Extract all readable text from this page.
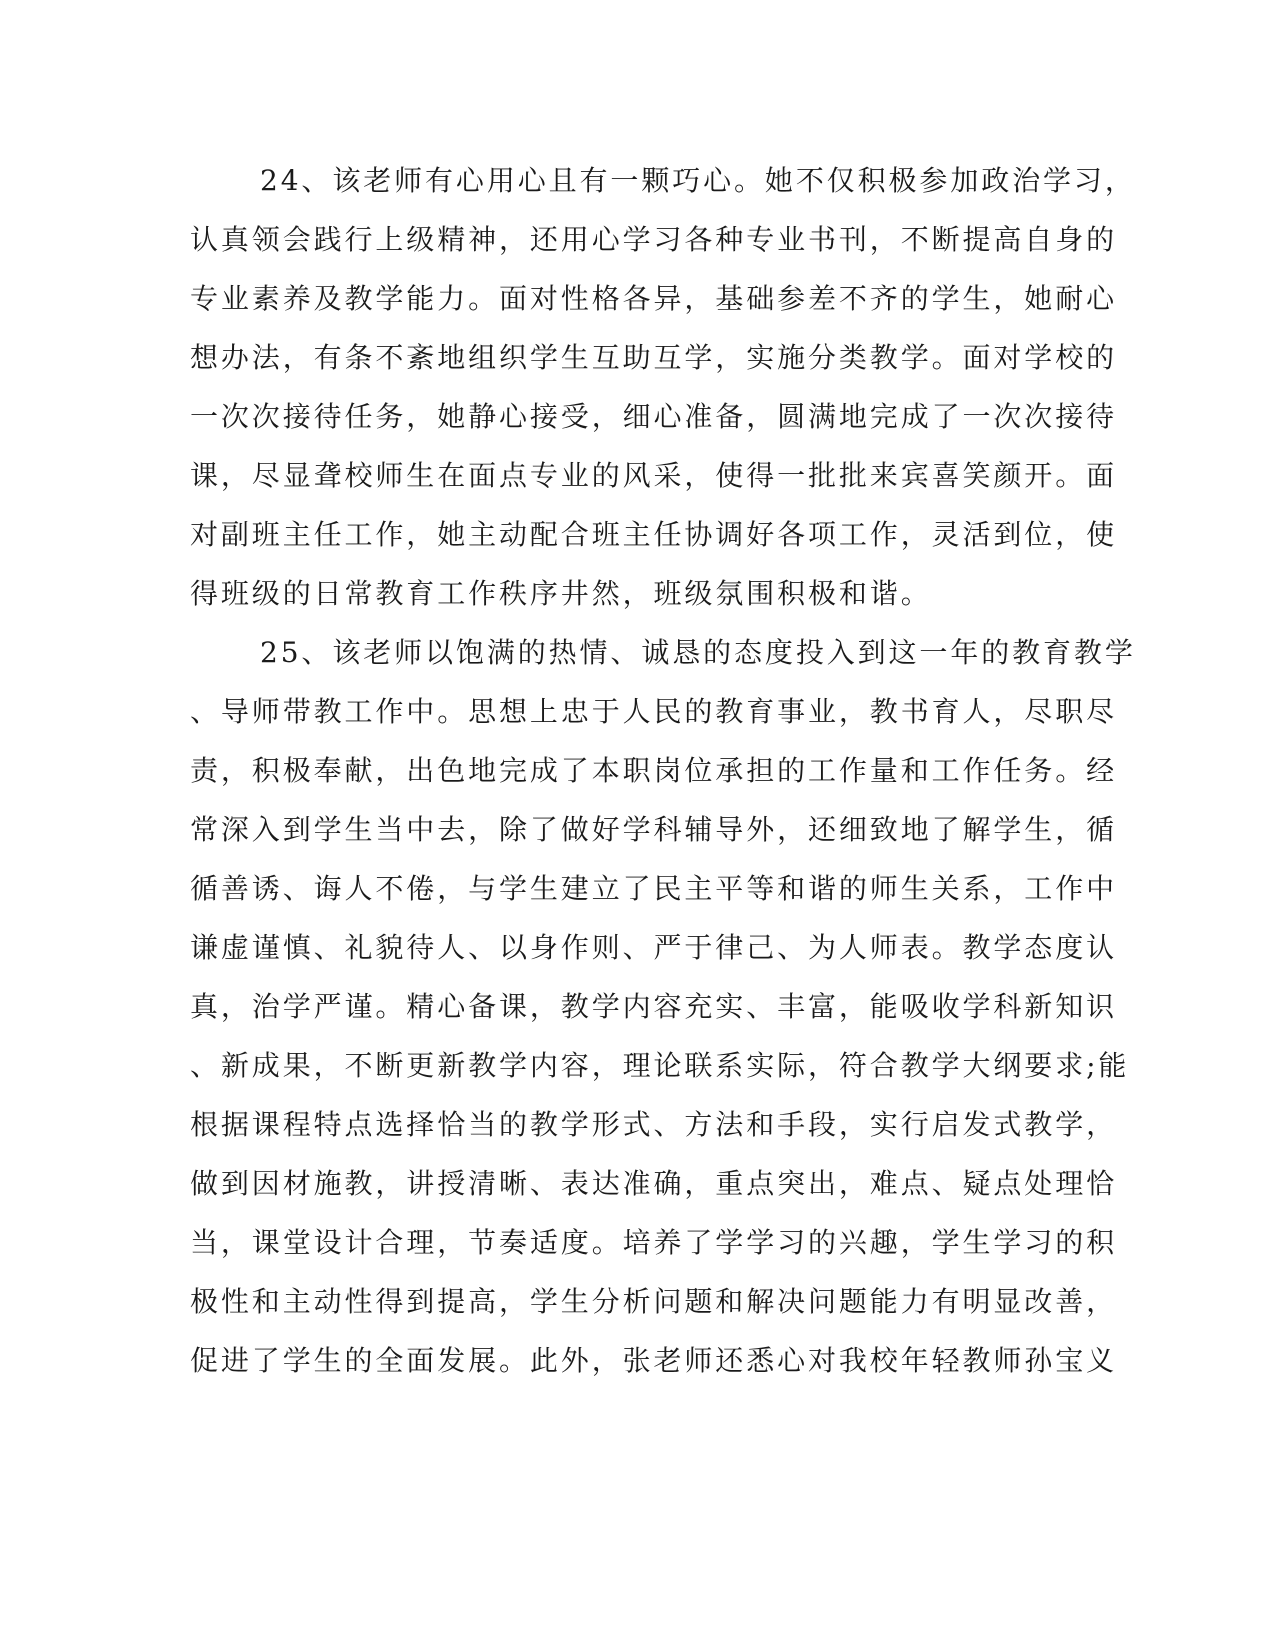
24、该老师有心用心且有一颗巧心。她不仅积极参加政治学习，

认真领会践行上级精神，还用心学习各种专业书刊，不断提高自身的

专业素养及教学能力。面对性格各异，基础参差不齐的学生，她耐心

想办法，有条不紊地组织学生互助互学，实施分类教学。面对学校的

一次次接待任务，她静心接受，细心准备，圆满地完成了一次次接待

课，尽显聋校师生在面点专业的风采，使得一批批来宾喜笑颜开。面

对副班主任工作，她主动配合班主任协调好各项工作，灵活到位，使

得班级的日常教育工作秩序井然，班级氛围积极和谐。

25、该老师以饱满的热情、诚恳的态度投入到这一年的教育教学

、导师带教工作中。思想上忠于人民的教育事业，教书育人，尽职尽

责，积极奉献，出色地完成了本职岗位承担的工作量和工作任务。经

常深入到学生当中去，除了做好学科辅导外，还细致地了解学生，循

循善诱、诲人不倦，与学生建立了民主平等和谐的师生关系，工作中

谦虚谨慎、礼貌待人、以身作则、严于律己、为人师表。教学态度认

真，治学严谨。精心备课，教学内容充实、丰富，能吸收学科新知识

、新成果，不断更新教学内容，理论联系实际，符合教学大纲要求;能

根据课程特点选择恰当的教学形式、方法和手段，实行启发式教学，

做到因材施教，讲授清晰、表达准确，重点突出，难点、疑点处理恰

当，课堂设计合理，节奏适度。培养了学学习的兴趣，学生学习的积

极性和主动性得到提高，学生分析问题和解决问题能力有明显改善，

促进了学生的全面发展。此外，张老师还悉心对我校年轻教师孙宝义
